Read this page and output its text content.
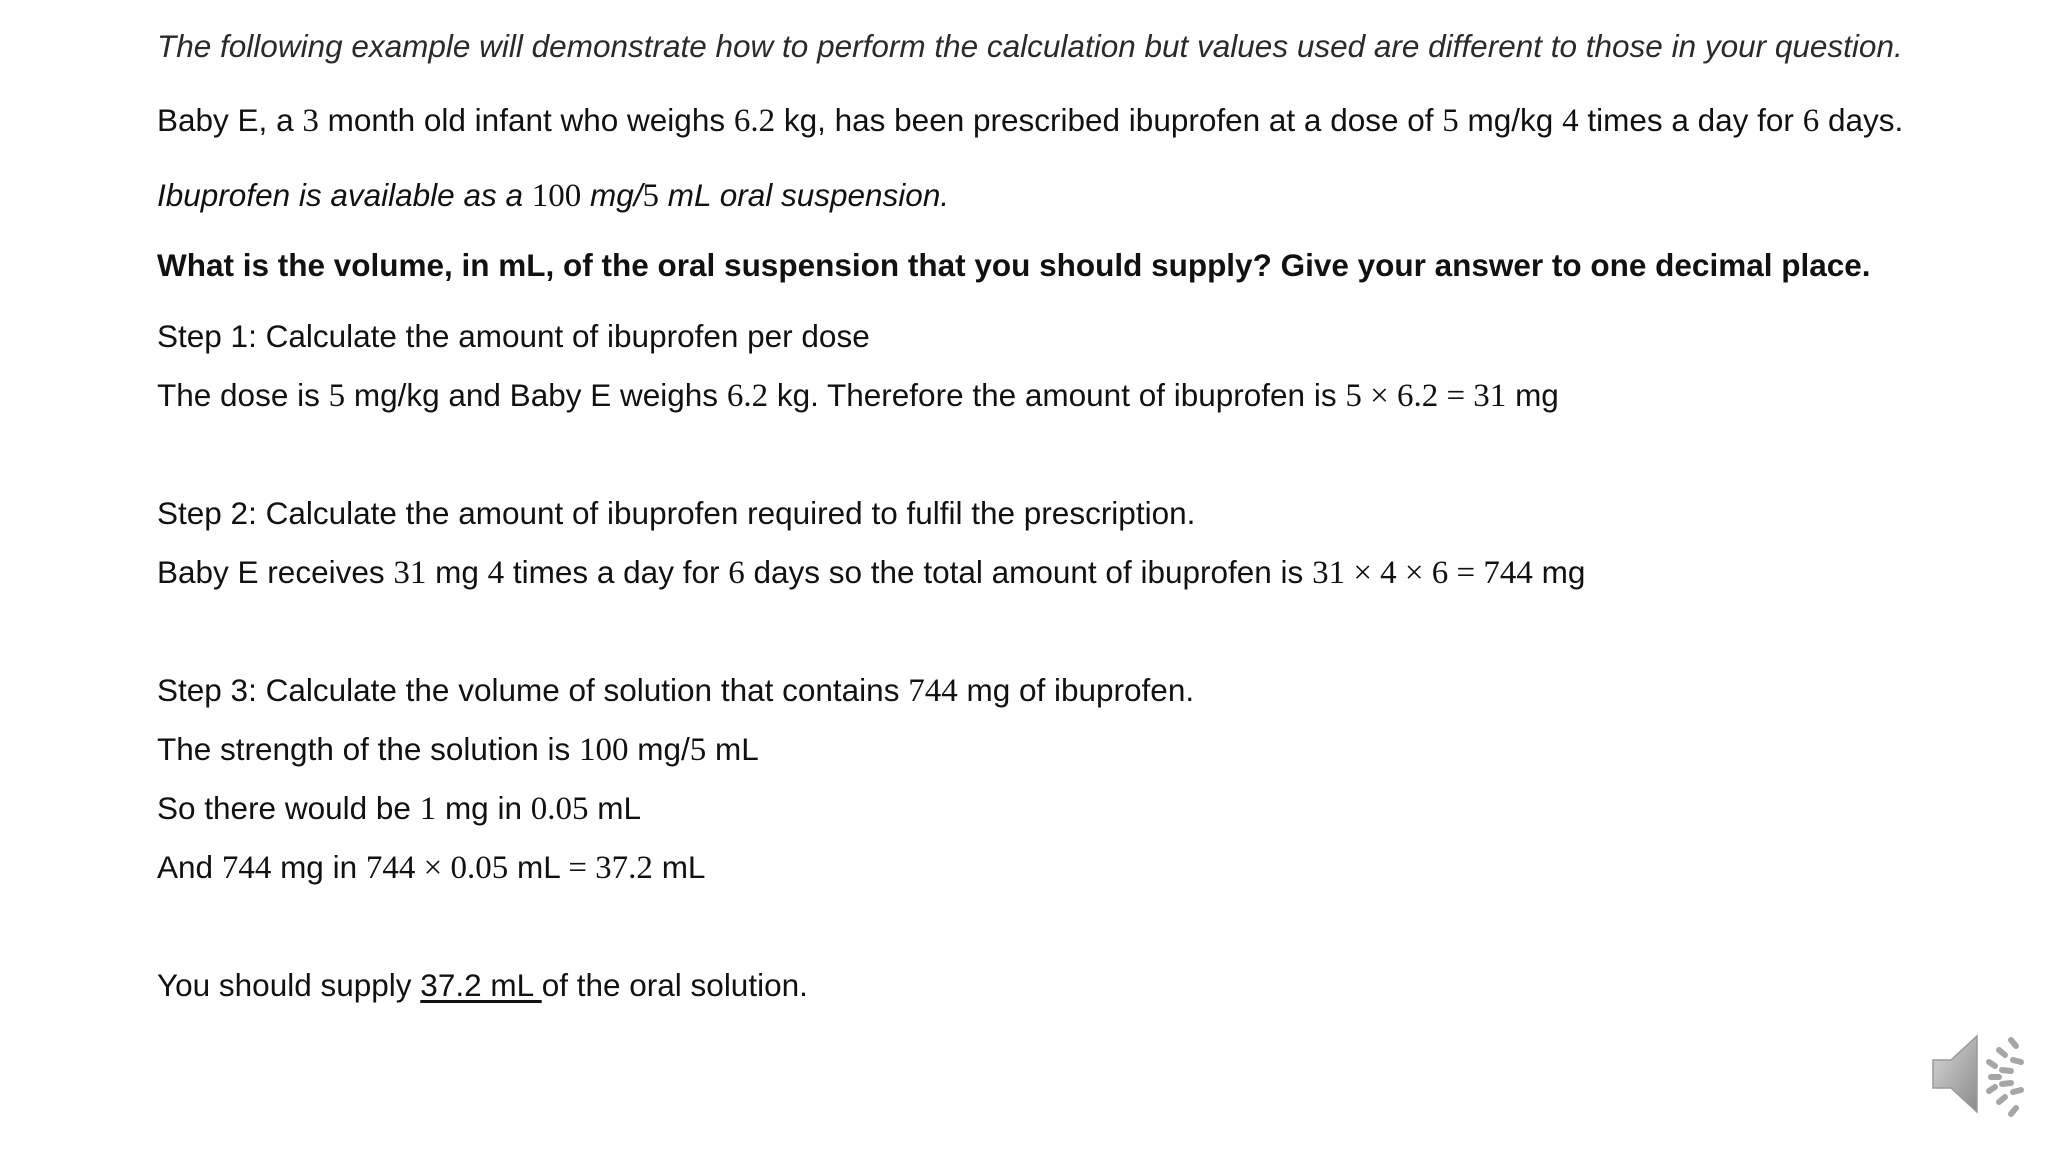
The following example will demonstrate how to perform the calculation but values used are different to those in your question.
Baby E, a 3 month old infant who weighs 6.2 kg, has been prescribed ibuprofen at a dose of 5 mg/kg 4 times a day for 6 days.
Ibuprofen is available as a 100 mg/5 mL oral suspension.
What is the volume, in mL, of the oral suspension that you should supply? Give your answer to one decimal place.
Step 1: Calculate the amount of ibuprofen per dose
The dose is 5 mg/kg and Baby E weighs 6.2 kg. Therefore the amount of ibuprofen is 5 × 6.2 = 31 mg
Step 2: Calculate the amount of ibuprofen required to fulfil the prescription.
Baby E receives 31 mg 4 times a day for 6 days so the total amount of ibuprofen is 31 × 4 × 6 = 744 mg
Step 3: Calculate the volume of solution that contains 744 mg of ibuprofen.
The strength of the solution is 100 mg/5 mL
So there would be 1 mg in 0.05 mL
And 744 mg in 744 × 0.05 mL = 37.2 mL
You should supply 37.2 mL of the oral solution.
